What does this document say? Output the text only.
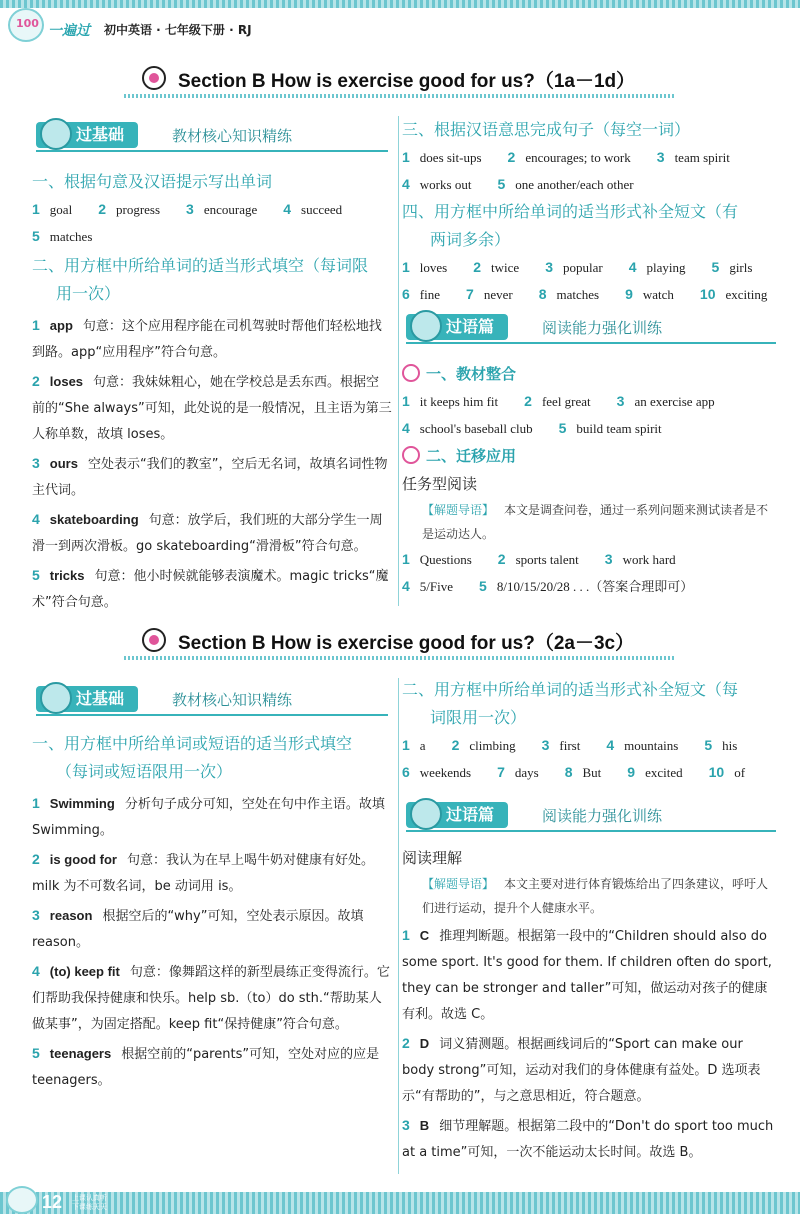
100 一遍过 初中英语 · 七年级下册 · RJ
Section B How is exercise good for us?（1a－1d）
过基础	教材核心知识精练
一、根据句意及汉语提示写出单词
1 goal 2 progress 3 encourage 4 succeed
5 matches
二、用方框中所给单词的适当形式填空（每词限
用一次）
1 app 句意：这个应用程序能在司机驾驶时帮他们轻松地找到路。app“应用程序”符合句意。
2 loses 句意：我妹妹粗心，她在学校总是丢东西。根据空前的“She always”可知，此处说的是一般情况，且主语为第三人称单数，故填 loses。
3 ours 空处表示“我们的教室”，空后无名词，故填名词性物主代词。
4 skateboarding 句意：放学后，我们班的大部分学生一周滑一到两次滑板。go skateboarding“滑滑板”符合句意。
5 tricks 句意：他小时候就能够表演魔术。magic tricks“魔术”符合句意。
三、根据汉语意思完成句子（每空一词）
1 does sit-ups 2 encourages; to work 3 team spirit
4 works out 5 one another/each other
四、用方框中所给单词的适当形式补全短文（有
两词多余）
1 loves 2 twice 3 popular 4 playing 5 girls
6 fine 7 never 8 matches 9 watch 10 exciting
过语篇	阅读能力强化训练
一、教材整合
1 it keeps him fit 2 feel great 3 an exercise app
4 school's baseball club 5 build team spirit
二、迁移应用
任务型阅读
【解题导语】 本文是调查问卷，通过一系列问题来测试读者是不是运动达人。
1 Questions 2 sports talent 3 work hard
4 5/Five 5 8/10/15/20/28 . . .（答案合理即可）
Section B How is exercise good for us?（2a－3c）
过基础	教材核心知识精练
一、用方框中所给单词或短语的适当形式填空
（每词或短语限用一次）
1 Swimming 分析句子成分可知，空处在句中作主语。故填 Swimming。
2 is good for 句意：我认为在早上喝牛奶对健康有好处。milk 为不可数名词，be 动词用 is。
3 reason 根据空后的“why”可知，空处表示原因。故填 reason。
4 (to) keep fit 句意：像舞蹈这样的新型晨练正变得流行。它们帮助我保持健康和快乐。help sb.（to）do sth.“帮助某人做某事”，为固定搭配。keep fit“保持健康”符合句意。
5 teenagers 根据空前的“parents”可知，空处对应的应是 teenagers。
二、用方框中所给单词的适当形式补全短文（每
词限用一次）
1 a 2 climbing 3 first 4 mountains 5 his
6 weekends 7 days 8 But 9 excited 10 of
过语篇	阅读能力强化训练
阅读理解
【解题导语】 本文主要对进行体育锻炼给出了四条建议，呼吁人们进行运动，提升个人健康水平。
1 C 推理判断题。根据第一段中的“Children should also do some sport. It's good for them. If children often do sport, they can be stronger and taller”可知，做运动对孩子的健康有利。故选 C。
2 D 词义猜测题。根据画线词后的“Sport can make our body strong”可知，运动对我们的身体健康有益处。D 选项表示“有帮助的”，与之意思相近，符合题意。
3 B 细节理解题。根据第二段中的“Don't do sport too much at a time”可知，一次不能运动太长时间。故选 B。
12 上课认真听 下课练天天
